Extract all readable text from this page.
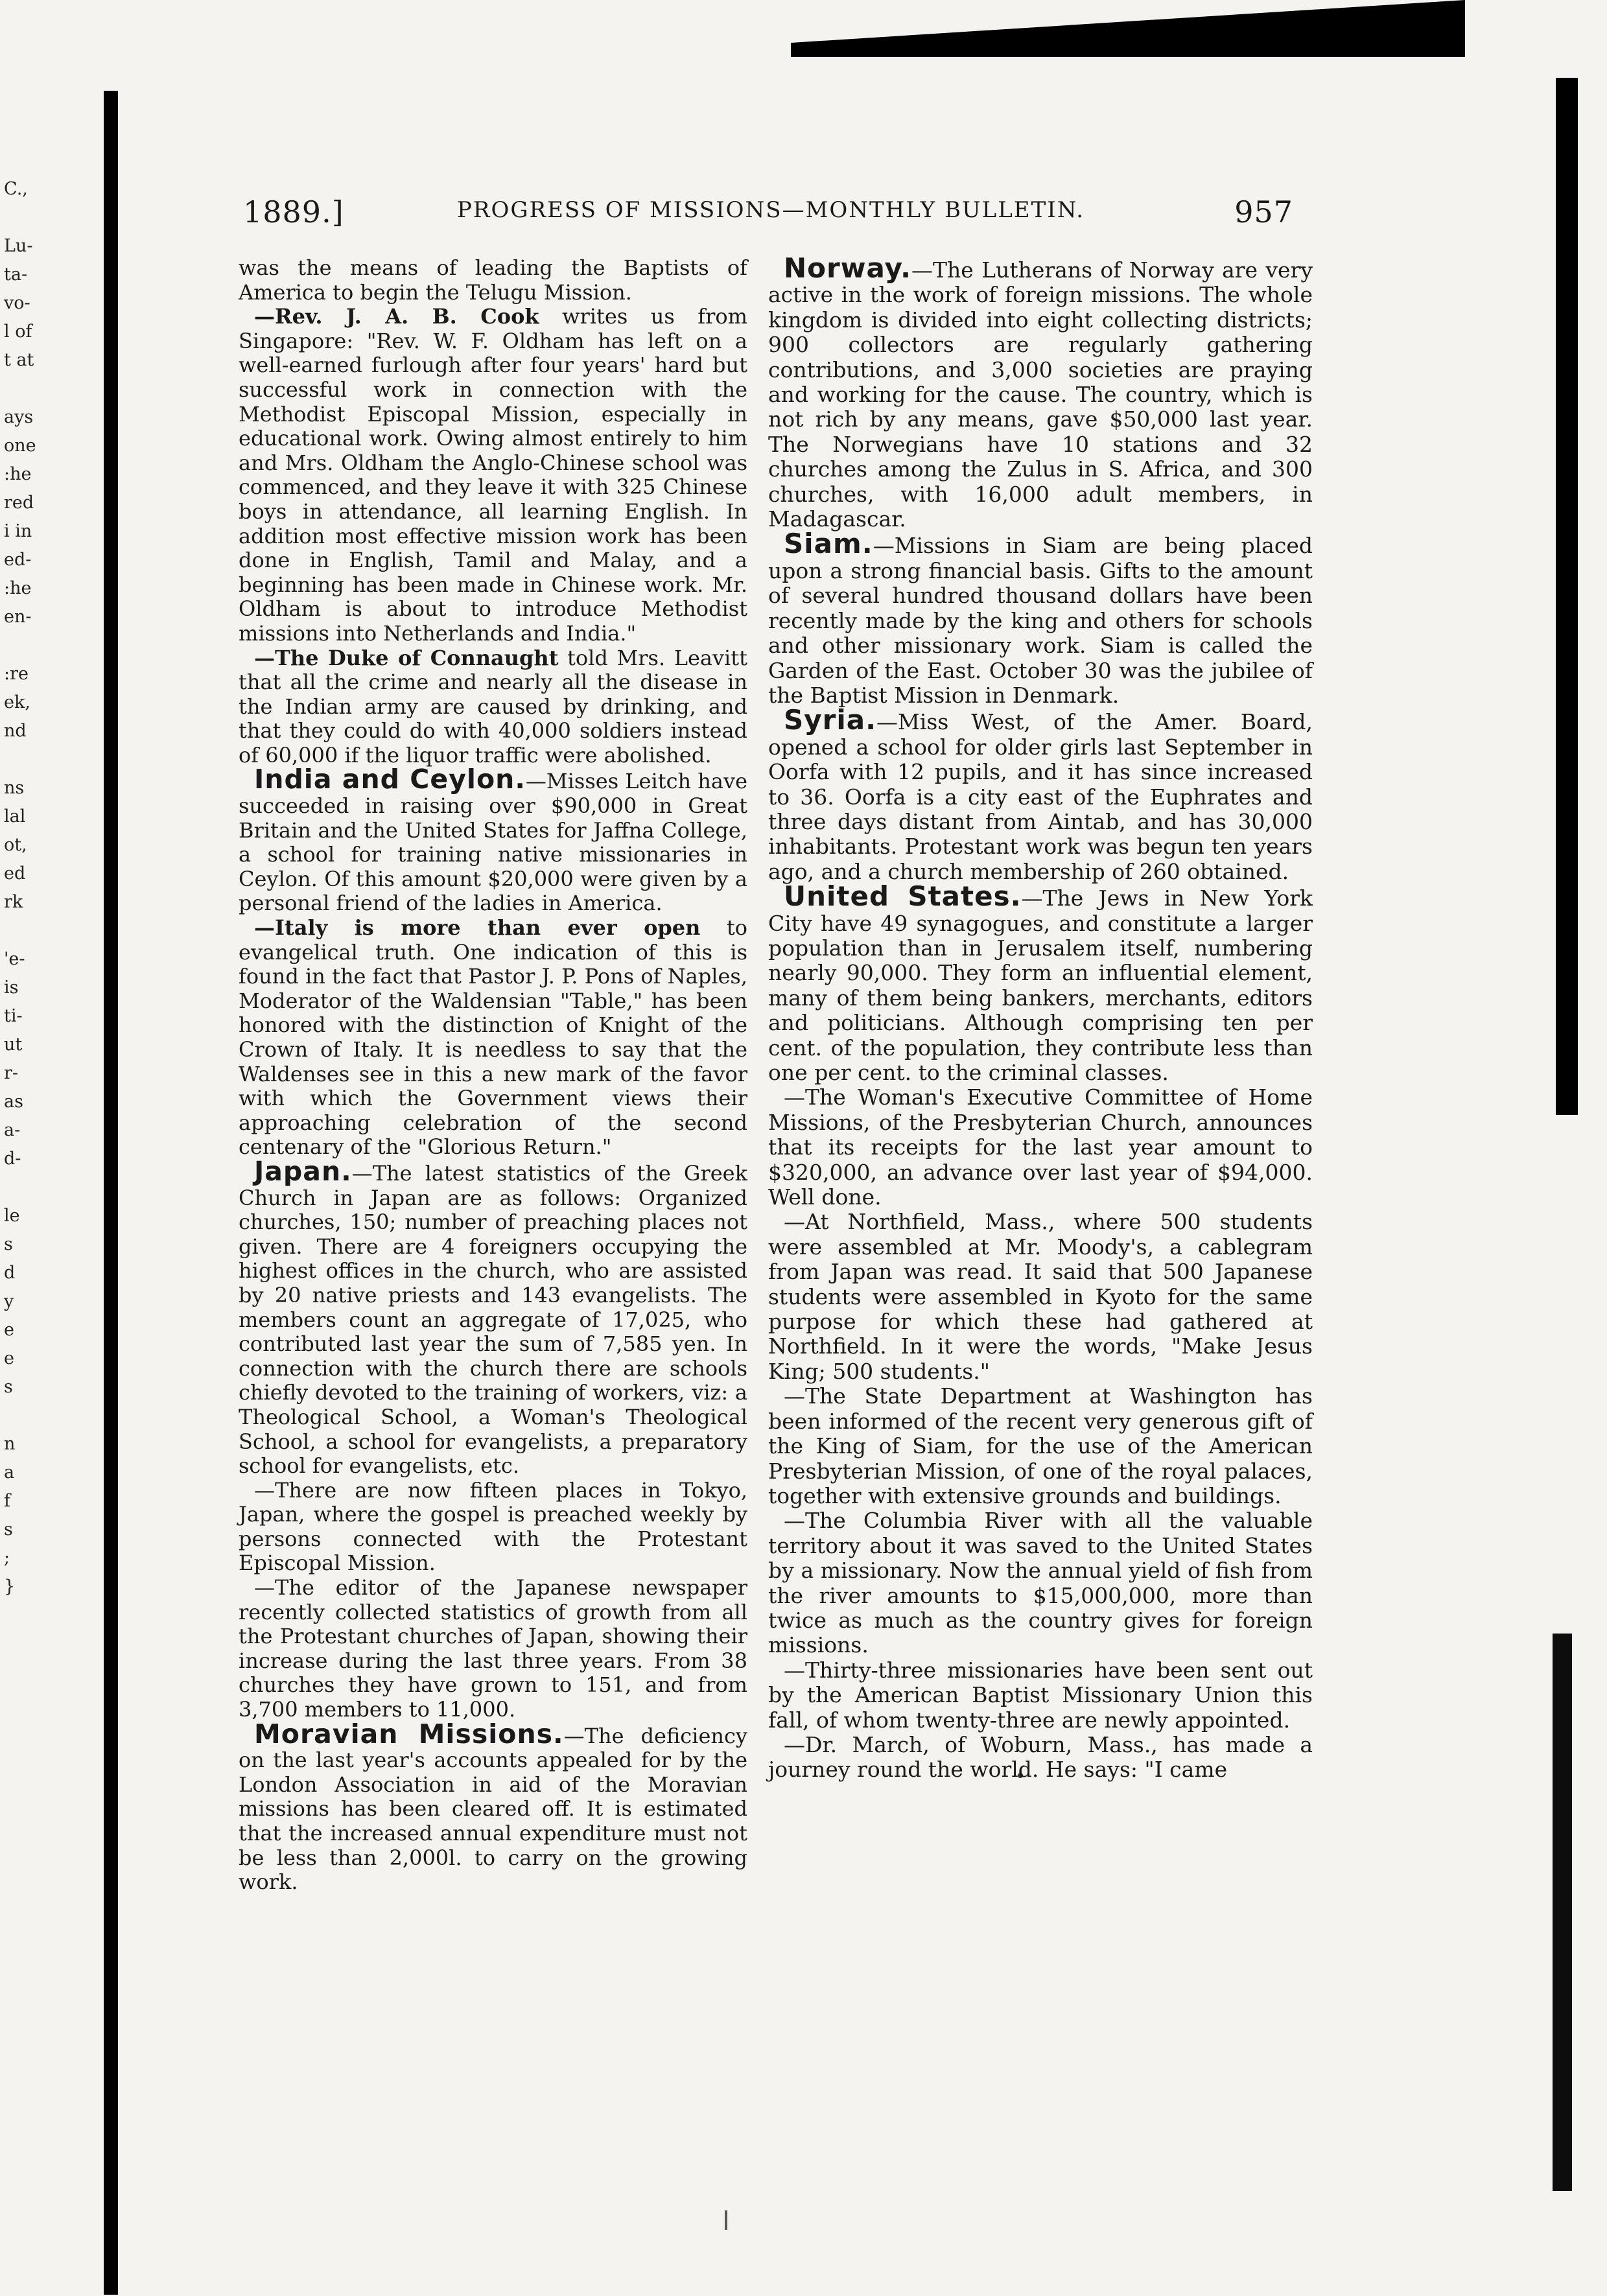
C.,

Lu-
ta-
vo-
l of
t at

ays
one
:he
red
i in
ed-
:he
en-

:re
ek,
nd

ns
lal
ot,
ed
rk

'e-
is
ti-
ut
r-
as
a-
d-

le
s
d
y
e
e
s

n
a
f
s
;
}
1889.]	PROGRESS OF MISSIONS—MONTHLY BULLETIN.	957

was the means of leading the Baptists of America to begin the Telugu Mission.

—Rev. J. A. B. Cook writes us from Singapore: "Rev. W. F. Oldham has left on a well-earned furlough after four years' hard but successful work in connection with the Methodist Episcopal Mission, especially in educational work. Owing almost entirely to him and Mrs. Oldham the Anglo-Chinese school was commenced, and they leave it with 325 Chinese boys in attendance, all learning English. In addition most effective mission work has been done in English, Tamil and Malay, and a beginning has been made in Chinese work. Mr. Oldham is about to introduce Methodist missions into Netherlands and India."

—The Duke of Connaught told Mrs. Leavitt that all the crime and nearly all the disease in the Indian army are caused by drinking, and that they could do with 40,000 soldiers instead of 60,000 if the liquor traffic were abolished.

India and Ceylon.—Misses Leitch have succeeded in raising over $90,000 in Great Britain and the United States for Jaffna College, a school for training native missionaries in Ceylon. Of this amount $20,000 were given by a personal friend of the ladies in America.

—Italy is more than ever open to evangelical truth. One indication of this is found in the fact that Pastor J. P. Pons of Naples, Moderator of the Waldensian "Table," has been honored with the distinction of Knight of the Crown of Italy. It is needless to say that the Waldenses see in this a new mark of the favor with which the Government views their approaching celebration of the second centenary of the "Glorious Return."

Japan.—The latest statistics of the Greek Church in Japan are as follows: Organized churches, 150; number of preaching places not given. There are 4 foreigners occupying the highest offices in the church, who are assisted by 20 native priests and 143 evangelists. The members count an aggregate of 17,025, who contributed last year the sum of 7,585 yen. In connection with the church there are schools chiefly devoted to the training of workers, viz: a Theological School, a Woman's Theological School, a school for evangelists, a preparatory school for evangelists, etc.

—There are now fifteen places in Tokyo, Japan, where the gospel is preached weekly by persons connected with the Protestant Episcopal Mission.

—The editor of the Japanese newspaper recently collected statistics of growth from all the Protestant churches of Japan, showing their increase during the last three years. From 38 churches they have grown to 151, and from 3,700 members to 11,000.

Moravian Missions.—The deficiency on the last year's accounts appealed for by the London Association in aid of the Moravian missions has been cleared off. It is estimated that the increased annual expenditure must not be less than 2,000l. to carry on the growing work.

Norway.—The Lutherans of Norway are very active in the work of foreign missions. The whole kingdom is divided into eight collecting districts; 900 collectors are regularly gathering contributions, and 3,000 societies are praying and working for the cause. The country, which is not rich by any means, gave $50,000 last year. The Norwegians have 10 stations and 32 churches among the Zulus in S. Africa, and 300 churches, with 16,000 adult members, in Madagascar.

Siam.—Missions in Siam are being placed upon a strong financial basis. Gifts to the amount of several hundred thousand dollars have been recently made by the king and others for schools and other missionary work. Siam is called the Garden of the East. October 30 was the jubilee of the Baptist Mission in Denmark.

Syria.—Miss West, of the Amer. Board, opened a school for older girls last September in Oorfa with 12 pupils, and it has since increased to 36. Oorfa is a city east of the Euphrates and three days distant from Aintab, and has 30,000 inhabitants. Protestant work was begun ten years ago, and a church membership of 260 obtained.

United States.—The Jews in New York City have 49 synagogues, and constitute a larger population than in Jerusalem itself, numbering nearly 90,000. They form an influential element, many of them being bankers, merchants, editors and politicians. Although comprising ten per cent. of the population, they contribute less than one per cent. to the criminal classes.

—The Woman's Executive Committee of Home Missions, of the Presbyterian Church, announces that its receipts for the last year amount to $320,000, an advance over last year of $94,000. Well done.

—At Northfield, Mass., where 500 students were assembled at Mr. Moody's, a cablegram from Japan was read. It said that 500 Japanese students were assembled in Kyoto for the same purpose for which these had gathered at Northfield. In it were the words, "Make Jesus King; 500 students."

—The State Department at Washington has been informed of the recent very generous gift of the King of Siam, for the use of the American Presbyterian Mission, of one of the royal palaces, together with extensive grounds and buildings.

—The Columbia River with all the valuable territory about it was saved to the United States by a missionary. Now the annual yield of fish from the river amounts to $15,000,000, more than twice as much as the country gives for foreign missions.

—Thirty-three missionaries have been sent out by the American Baptist Missionary Union this fall, of whom twenty-three are newly appointed.

—Dr. March, of Woburn, Mass., has made a journey round the world. He says: "I came
